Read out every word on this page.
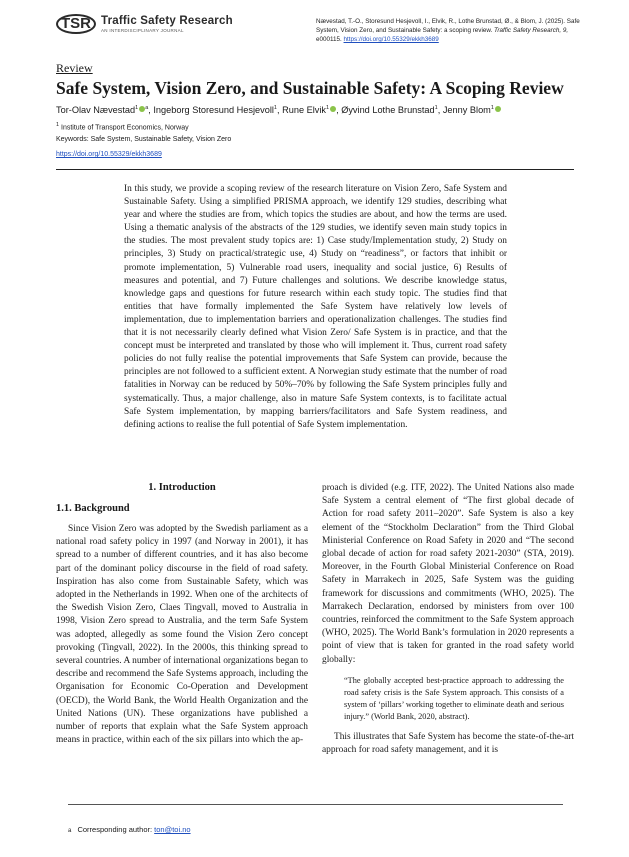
TSR Traffic Safety Research
AN INTERDISCIPLINARY JOURNAL
Nævestad, T.-O., Storesund Hesjevoll, I., Elvik, R., Lothe Brunstad, Ø., & Blom, J. (2025). Safe System, Vision Zero, and Sustainable Safety: a scoping review. Traffic Safety Research, 9, e000115. https://doi.org/10.55329/ekkh3689
Review
Safe System, Vision Zero, and Sustainable Safety: A Scoping Review
Tor-Olav Nævestad$^1$ $^a$, Ingeborg Storesund Hesjevoll$^1$, Rune Elvik$^1$ , Øyvind Lothe Brunstad$^1$, Jenny Blom$^1$
$^1$ Institute of Transport Economics, Norway
Keywords: Safe System, Sustainable Safety, Vision Zero
https://doi.org/10.55329/ekkh3689

In this study, we provide a scoping review of the research literature on Vision Zero, Safe System and Sustainable Safety. Using a simplified PRISMA approach, we identify 129 studies, describing what year and where the studies are from, which topics the studies are about, and how the terms are used. Using a thematic analysis of the abstracts of the 129 studies, we identify seven main study topics in the studies. The most prevalent study topics are: 1) Case study/Implementation study, 2) Study on principles, 3) Study on practical/strategic use, 4) Study on “readiness”, or factors that inhibit or promote implementation, 5) Vulnerable road users, inequality and social justice, 6) Results of measures and potential, and 7) Future challenges and solutions. We describe knowledge status, knowledge gaps and questions for future research within each study topic. The studies find that entities that have formally implemented the Safe System have relatively low levels of implementation, due to implementation barriers and operationalization challenges. The studies find that it is not necessarily clearly defined what Vision Zero/ Safe System is in practice, and that the concept must be interpreted and translated by those who will implement it. Thus, current road safety policies do not fully realise the potential improvements that Safe System can provide, because the principles are not followed to a sufficient extent. A Norwegian study estimate that the number of road fatalities in Norway can be reduced by 50%–70% by following the Safe System principles fully and systematically. Thus, a major challenge, also in mature Safe System contexts, is to facilitate actual Safe System implementation, by mapping barriers/facilitators and Safe System readiness, and defining actions to realise the full potential of Safe System implementation.

1. Introduction
1.1. Background

Since Vision Zero was adopted by the Swedish parliament as a national road safety policy in 1997 (and Norway in 2001), it has spread to a number of different countries, and it has also become part of the dominant policy discourse in the field of road safety. Inspiration has also come from Sustainable Safety, which was adopted in the Netherlands in 1992. When one of the architects of the Swedish Vision Zero, Claes Tingvall, moved to Australia in 1998, Vision Zero spread to Australia, and the term Safe System was adopted, allegedly as some found the Vision Zero concept provoking (Tingvall, 2022). In the 2000s, this thinking spread to several countries. A number of international organizations began to describe and recommend the Safe Systems approach, including the Organisation for Economic Co-Operation and Development (OECD), the World Bank, the World Health Organization and the United Nations (UN). These organizations have published a number of reports that explain what the Safe System approach means in practice, within each of the six pillars into which the ap-

proach is divided (e.g. ITF, 2022). The United Nations also made Safe System a central element of “The first global decade of Action for road safety 2011–2020”. Safe System is also a key element of the “Stockholm Declaration” from the Third Global Ministerial Conference on Road Safety in 2020 and “The second global decade of action for road safety 2021-2030” (STA, 2019). Moreover, in the Fourth Global Ministerial Conference on Road Safety in Marrakech in 2025, Safe System was the guiding framework for discussions and commitments (WHO, 2025). The Marrakech Declaration, endorsed by ministers from over 100 countries, reinforced the commitment to the Safe System approach (WHO, 2025). The World Bank’s formulation in 2020 represents a point of view that is taken for granted in the road safety world globally:

“The globally accepted best-practice approach to addressing the road safety crisis is the Safe System approach. This consists of a system of ‘pillars’ working together to eliminate death and serious injury.” (World Bank, 2020, abstract).

This illustrates that Safe System has become the state-of-the-art approach for road safety management, and it is

a Corresponding author: ton@toi.no
